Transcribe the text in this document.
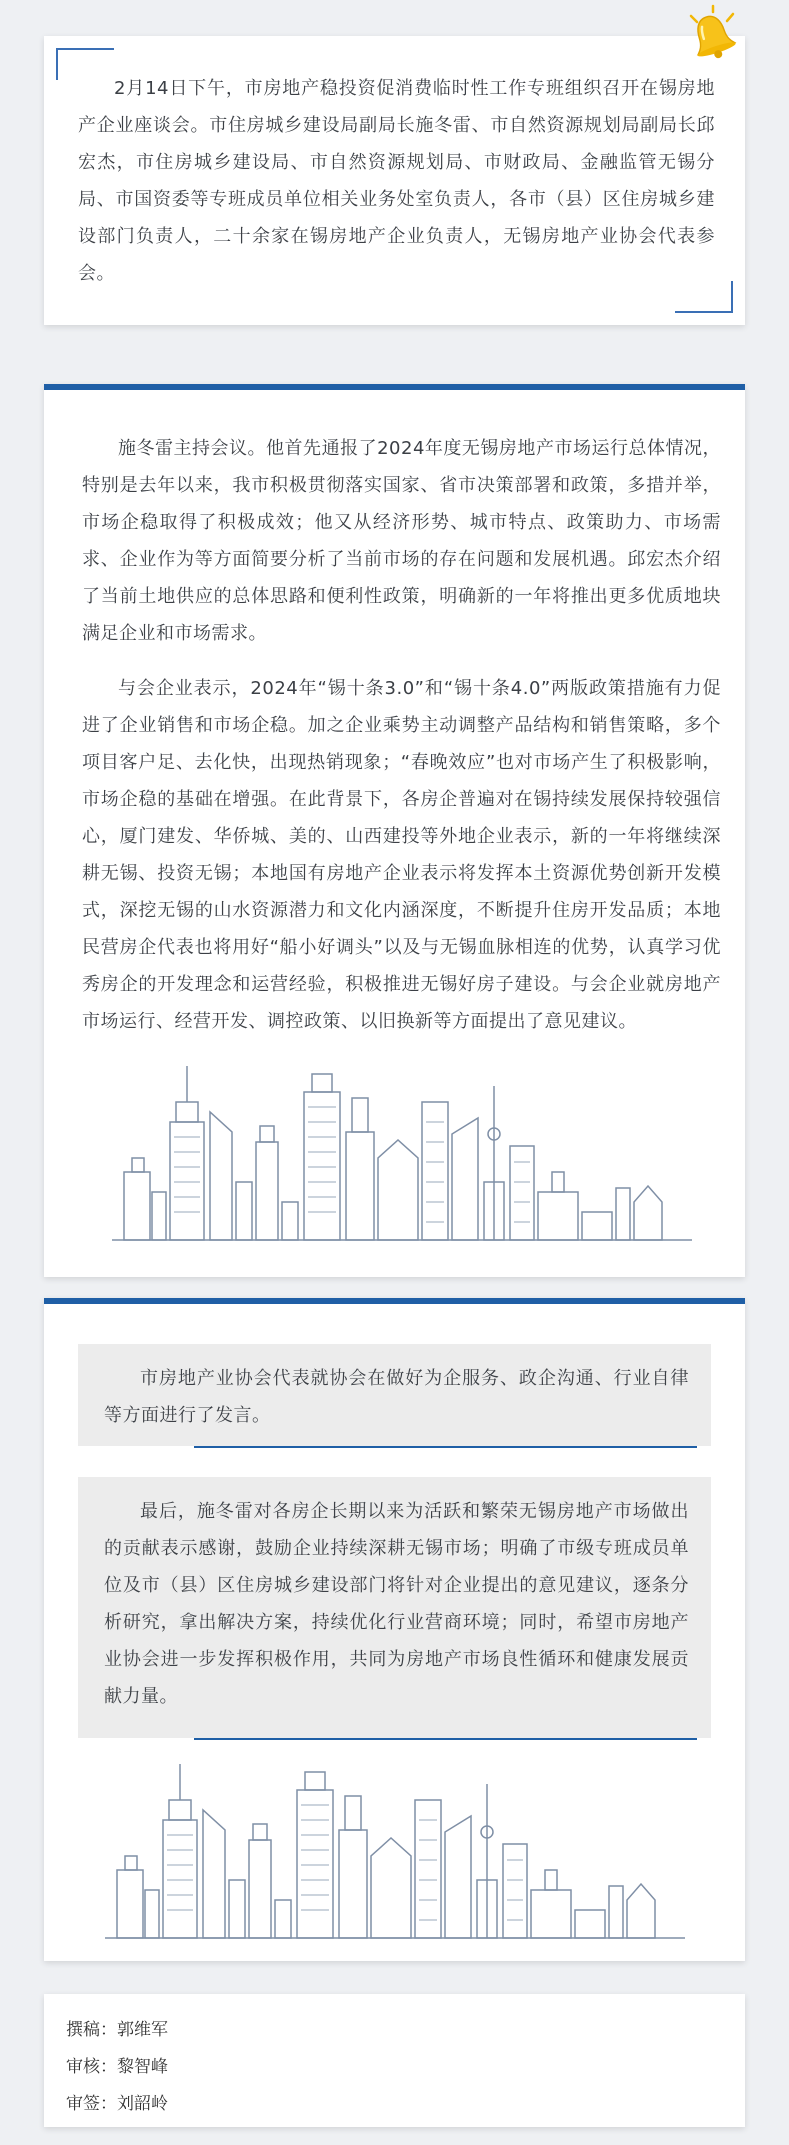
2月14日下午，市房地产稳投资促消费临时性工作专班组织召开在锡房地产企业座谈会。市住房城乡建设局副局长施冬雷、市自然资源规划局副局长邱宏杰，市住房城乡建设局、市自然资源规划局、市财政局、金融监管无锡分局、市国资委等专班成员单位相关业务处室负责人，各市（县）区住房城乡建设部门负责人，二十余家在锡房地产企业负责人，无锡房地产业协会代表参会。

施冬雷主持会议。他首先通报了2024年度无锡房地产市场运行总体情况，特别是去年以来，我市积极贯彻落实国家、省市决策部署和政策，多措并举，市场企稳取得了积极成效；他又从经济形势、城市特点、政策助力、市场需求、企业作为等方面简要分析了当前市场的存在问题和发展机遇。邱宏杰介绍了当前土地供应的总体思路和便利性政策，明确新的一年将推出更多优质地块满足企业和市场需求。

与会企业表示，2024年“锡十条3.0”和“锡十条4.0”两版政策措施有力促进了企业销售和市场企稳。加之企业乘势主动调整产品结构和销售策略，多个项目客户足、去化快，出现热销现象；“春晚效应”也对市场产生了积极影响，市场企稳的基础在增强。在此背景下，各房企普遍对在锡持续发展保持较强信心，厦门建发、华侨城、美的、山西建投等外地企业表示，新的一年将继续深耕无锡、投资无锡；本地国有房地产企业表示将发挥本土资源优势创新开发模式，深挖无锡的山水资源潜力和文化内涵深度，不断提升住房开发品质；本地民营房企代表也将用好“船小好调头”以及与无锡血脉相连的优势，认真学习优秀房企的开发理念和运营经验，积极推进无锡好房子建设。与会企业就房地产市场运行、经营开发、调控政策、以旧换新等方面提出了意见建议。

市房地产业协会代表就协会在做好为企服务、政企沟通、行业自律等方面进行了发言。

最后，施冬雷对各房企长期以来为活跃和繁荣无锡房地产市场做出的贡献表示感谢，鼓励企业持续深耕无锡市场；明确了市级专班成员单位及市（县）区住房城乡建设部门将针对企业提出的意见建议，逐条分析研究，拿出解决方案，持续优化行业营商环境；同时，希望市房地产业协会进一步发挥积极作用，共同为房地产市场良性循环和健康发展贡献力量。

撰稿：郭维军

审核：黎智峰

审签：刘韶岭
